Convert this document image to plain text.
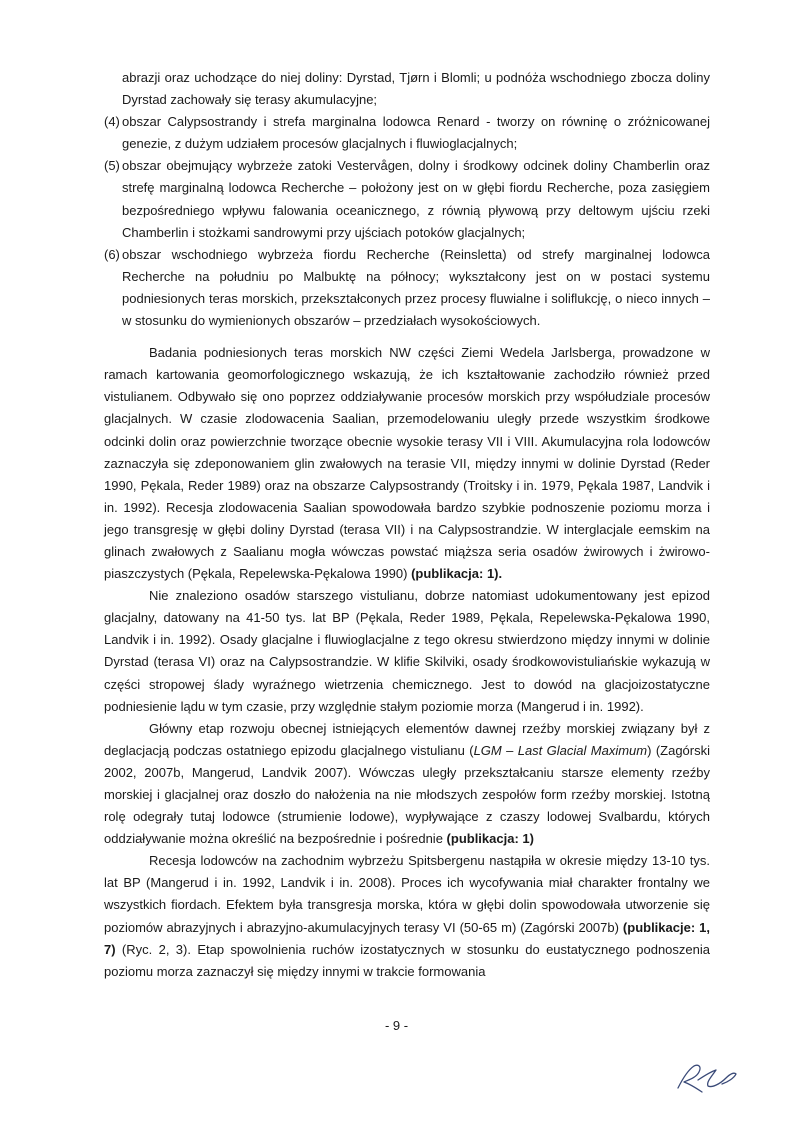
abrazji oraz uchodzące do niej doliny: Dyrstad, Tjørn i Blomli; u podnóża wschodniego zbocza doliny Dyrstad zachowały się terasy akumulacyjne;
(4) obszar Calypsostrandy i strefa marginalna lodowca Renard - tworzy on równinę o zróżnicowanej genezie, z dużym udziałem procesów glacjalnych i fluwioglacjalnych;
(5) obszar obejmujący wybrzeże zatoki Vestervågen, dolny i środkowy odcinek doliny Chamberlin oraz strefę marginalną lodowca Recherche – położony jest on w głębi fiordu Recherche, poza zasięgiem bezpośredniego wpływu falowania oceanicznego, z równią pływową przy deltowym ujściu rzeki Chamberlin i stożkami sandrowymi przy ujściach potoków glacjalnych;
(6) obszar wschodniego wybrzeża fiordu Recherche (Reinsletta) od strefy marginalnej lodowca Recherche na południu po Malbuktę na północy; wykształcony jest on w postaci systemu podniesionych teras morskich, przekształconych przez procesy fluwialne i soliflukcję, o nieco innych – w stosunku do wymienionych obszarów – przedziałach wysokościowych.

Badania podniesionych teras morskich NW części Ziemi Wedela Jarlsberga, prowadzone w ramach kartowania geomorfologicznego wskazują, że ich kształtowanie zachodziło również przed vistulianem. Odbywało się ono poprzez oddziaływanie procesów morskich przy współudziale procesów glacjalnych. W czasie zlodowacenia Saalian, przemodelowaniu uległy przede wszystkim środkowe odcinki dolin oraz powierzchnie tworzące obecnie wysokie terasy VII i VIII. Akumulacyjna rola lodowców zaznaczyła się zdeponowaniem glin zwałowych na terasie VII, między innymi w dolinie Dyrstad (Reder 1990, Pękala, Reder 1989) oraz na obszarze Calypsostrandy (Troitsky i in. 1979, Pękala 1987, Landvik i in. 1992). Recesja zlodowacenia Saalian spowodowała bardzo szybkie podnoszenie poziomu morza i jego transgresję w głębi doliny Dyrstad (terasa VII) i na Calypsostrandzie. W interglacjale eemskim na glinach zwałowych z Saalianu mogła wówczas powstać miąższa seria osadów żwirowych i żwirowo-piaszczystych (Pękala, Repelewska-Pękalowa 1990) (publikacja: 1).

Nie znaleziono osadów starszego vistulianu, dobrze natomiast udokumentowany jest epizod glacjalny, datowany na 41-50 tys. lat BP (Pękala, Reder 1989, Pękala, Repelewska-Pękalowa 1990, Landvik i in. 1992). Osady glacjalne i fluwioglacjalne z tego okresu stwierdzono między innymi w dolinie Dyrstad (terasa VI) oraz na Calypsostrandzie. W klifie Skilviki, osady środkowovistuliańskie wykazują w części stropowej ślady wyraźnego wietrzenia chemicznego. Jest to dowód na glacjoizostatyczne podniesienie lądu w tym czasie, przy względnie stałym poziomie morza (Mangerud i in. 1992).

Główny etap rozwoju obecnej istniejących elementów dawnej rzeźby morskiej związany był z deglacjacją podczas ostatniego epizodu glacjalnego vistulianu (LGM – Last Glacial Maximum) (Zagórski 2002, 2007b, Mangerud, Landvik 2007). Wówczas uległy przekształcaniu starsze elementy rzeźby morskiej i glacjalnej oraz doszło do nałożenia na nie młodszych zespołów form rzeźby morskiej. Istotną rolę odegrały tutaj lodowce (strumienie lodowe), wypływające z czaszy lodowej Svalbardu, których oddziaływanie można określić na bezpośrednie i pośrednie (publikacja: 1)

Recesja lodowców na zachodnim wybrzeżu Spitsbergenu nastąpiła w okresie między 13-10 tys. lat BP (Mangerud i in. 1992, Landvik i in. 2008). Proces ich wycofywania miał charakter frontalny we wszystkich fiordach. Efektem była transgresja morska, która w głębi dolin spowodowała utworzenie się poziomów abrazyjnych i abrazyjno-akumulacyjnych terasy VI (50-65 m) (Zagórski 2007b) (publikacje: 1, 7) (Ryc. 2, 3). Etap spowolnienia ruchów izostatycznych w stosunku do eustatycznego podnoszenia poziomu morza zaznaczył się między innymi w trakcie formowania

- 9 -
